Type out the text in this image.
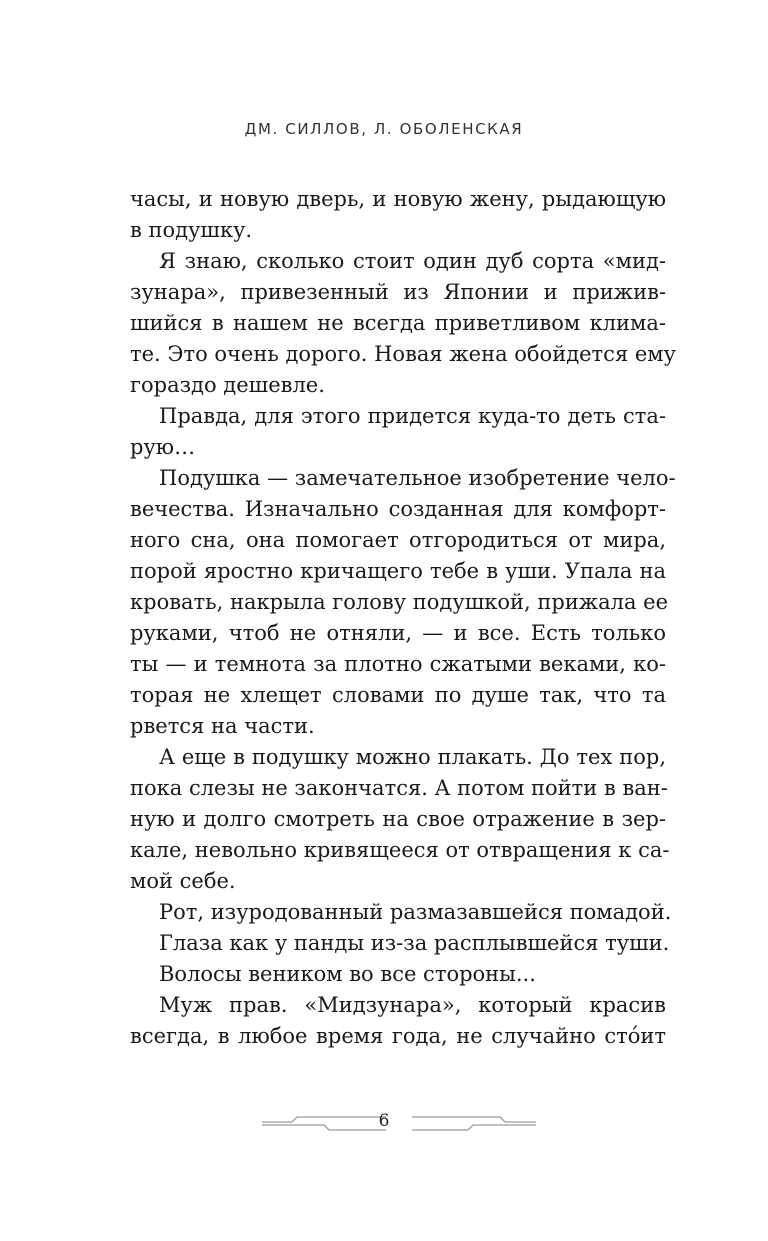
ДМ. СИЛЛОВ, Л. ОБОЛЕНСКАЯ
часы, и новую дверь, и новую жену, рыдающую
в подушку.
Я знаю, сколько стоит один дуб сорта «мид-
зунара», привезенный из Японии и прижив-
шийся в нашем не всегда приветливом клима-
те. Это очень дорого. Новая жена обойдется ему
гораздо дешевле.
Правда, для этого придется куда-то деть ста-
рую…
Подушка — замечательное изобретение чело-
вечества. Изначально созданная для комфорт-
ного сна, она помогает отгородиться от мира,
порой яростно кричащего тебе в уши. Упала на
кровать, накрыла голову подушкой, прижала ее
руками, чтоб не отняли, — и все. Есть только
ты — и темнота за плотно сжатыми веками, ко-
торая не хлещет словами по душе так, что та
рвется на части.
А еще в подушку можно плакать. До тех пор,
пока слезы не закончатся. А потом пойти в ван-
ную и долго смотреть на свое отражение в зер-
кале, невольно кривящееся от отвращения к са-
мой себе.
Рот, изуродованный размазавшейся помадой.
Глаза как у панды из-за расплывшейся туши.
Волосы веником во все стороны...
Муж прав. «Мидзунара», который красив
всегда, в любое время года, не случайно сто́ит
6
